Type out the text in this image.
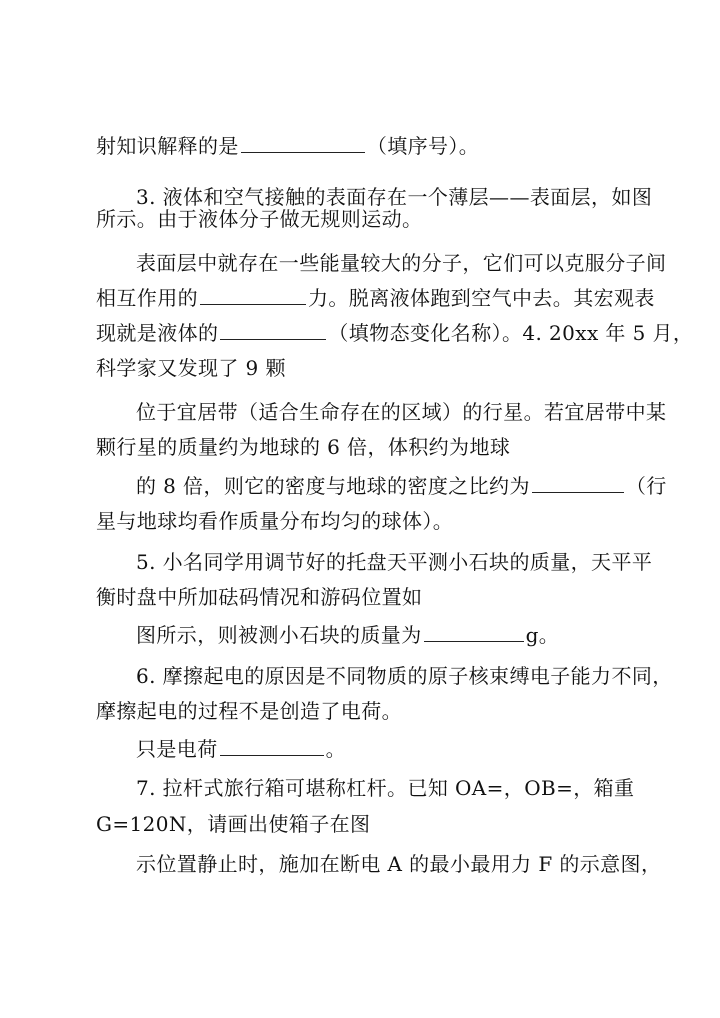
射知识解释的是	（填序号）。
3. 液体和空气接触的表面存在一个薄层——表面层，如图
所示。由于液体分子做无规则运动。
表面层中就存在一些能量较大的分子，它们可以克服分子间
相互作用的	力。脱离液体跑到空气中去。其宏观表
现就是液体的	（填物态变化名称）。4. 20xx 年 5 月，
科学家又发现了 9 颗
位于宜居带（适合生命存在的区域）的行星。若宜居带中某
颗行星的质量约为地球的 6 倍，体积约为地球
的 8 倍，则它的密度与地球的密度之比约为	（行
星与地球均看作质量分布均匀的球体）。
5. 小名同学用调节好的托盘天平测小石块的质量，天平平
衡时盘中所加砝码情况和游码位置如
图所示，则被测小石块的质量为	g。
6. 摩擦起电的原因是不同物质的原子核束缚电子能力不同，
摩擦起电的过程不是创造了电荷。
只是电荷	。
7. 拉杆式旅行箱可堪称杠杆。已知 OA=，OB=，箱重
G=120N，请画出使箱子在图
示位置静止时，施加在断电 A 的最小最用力 F 的示意图，
